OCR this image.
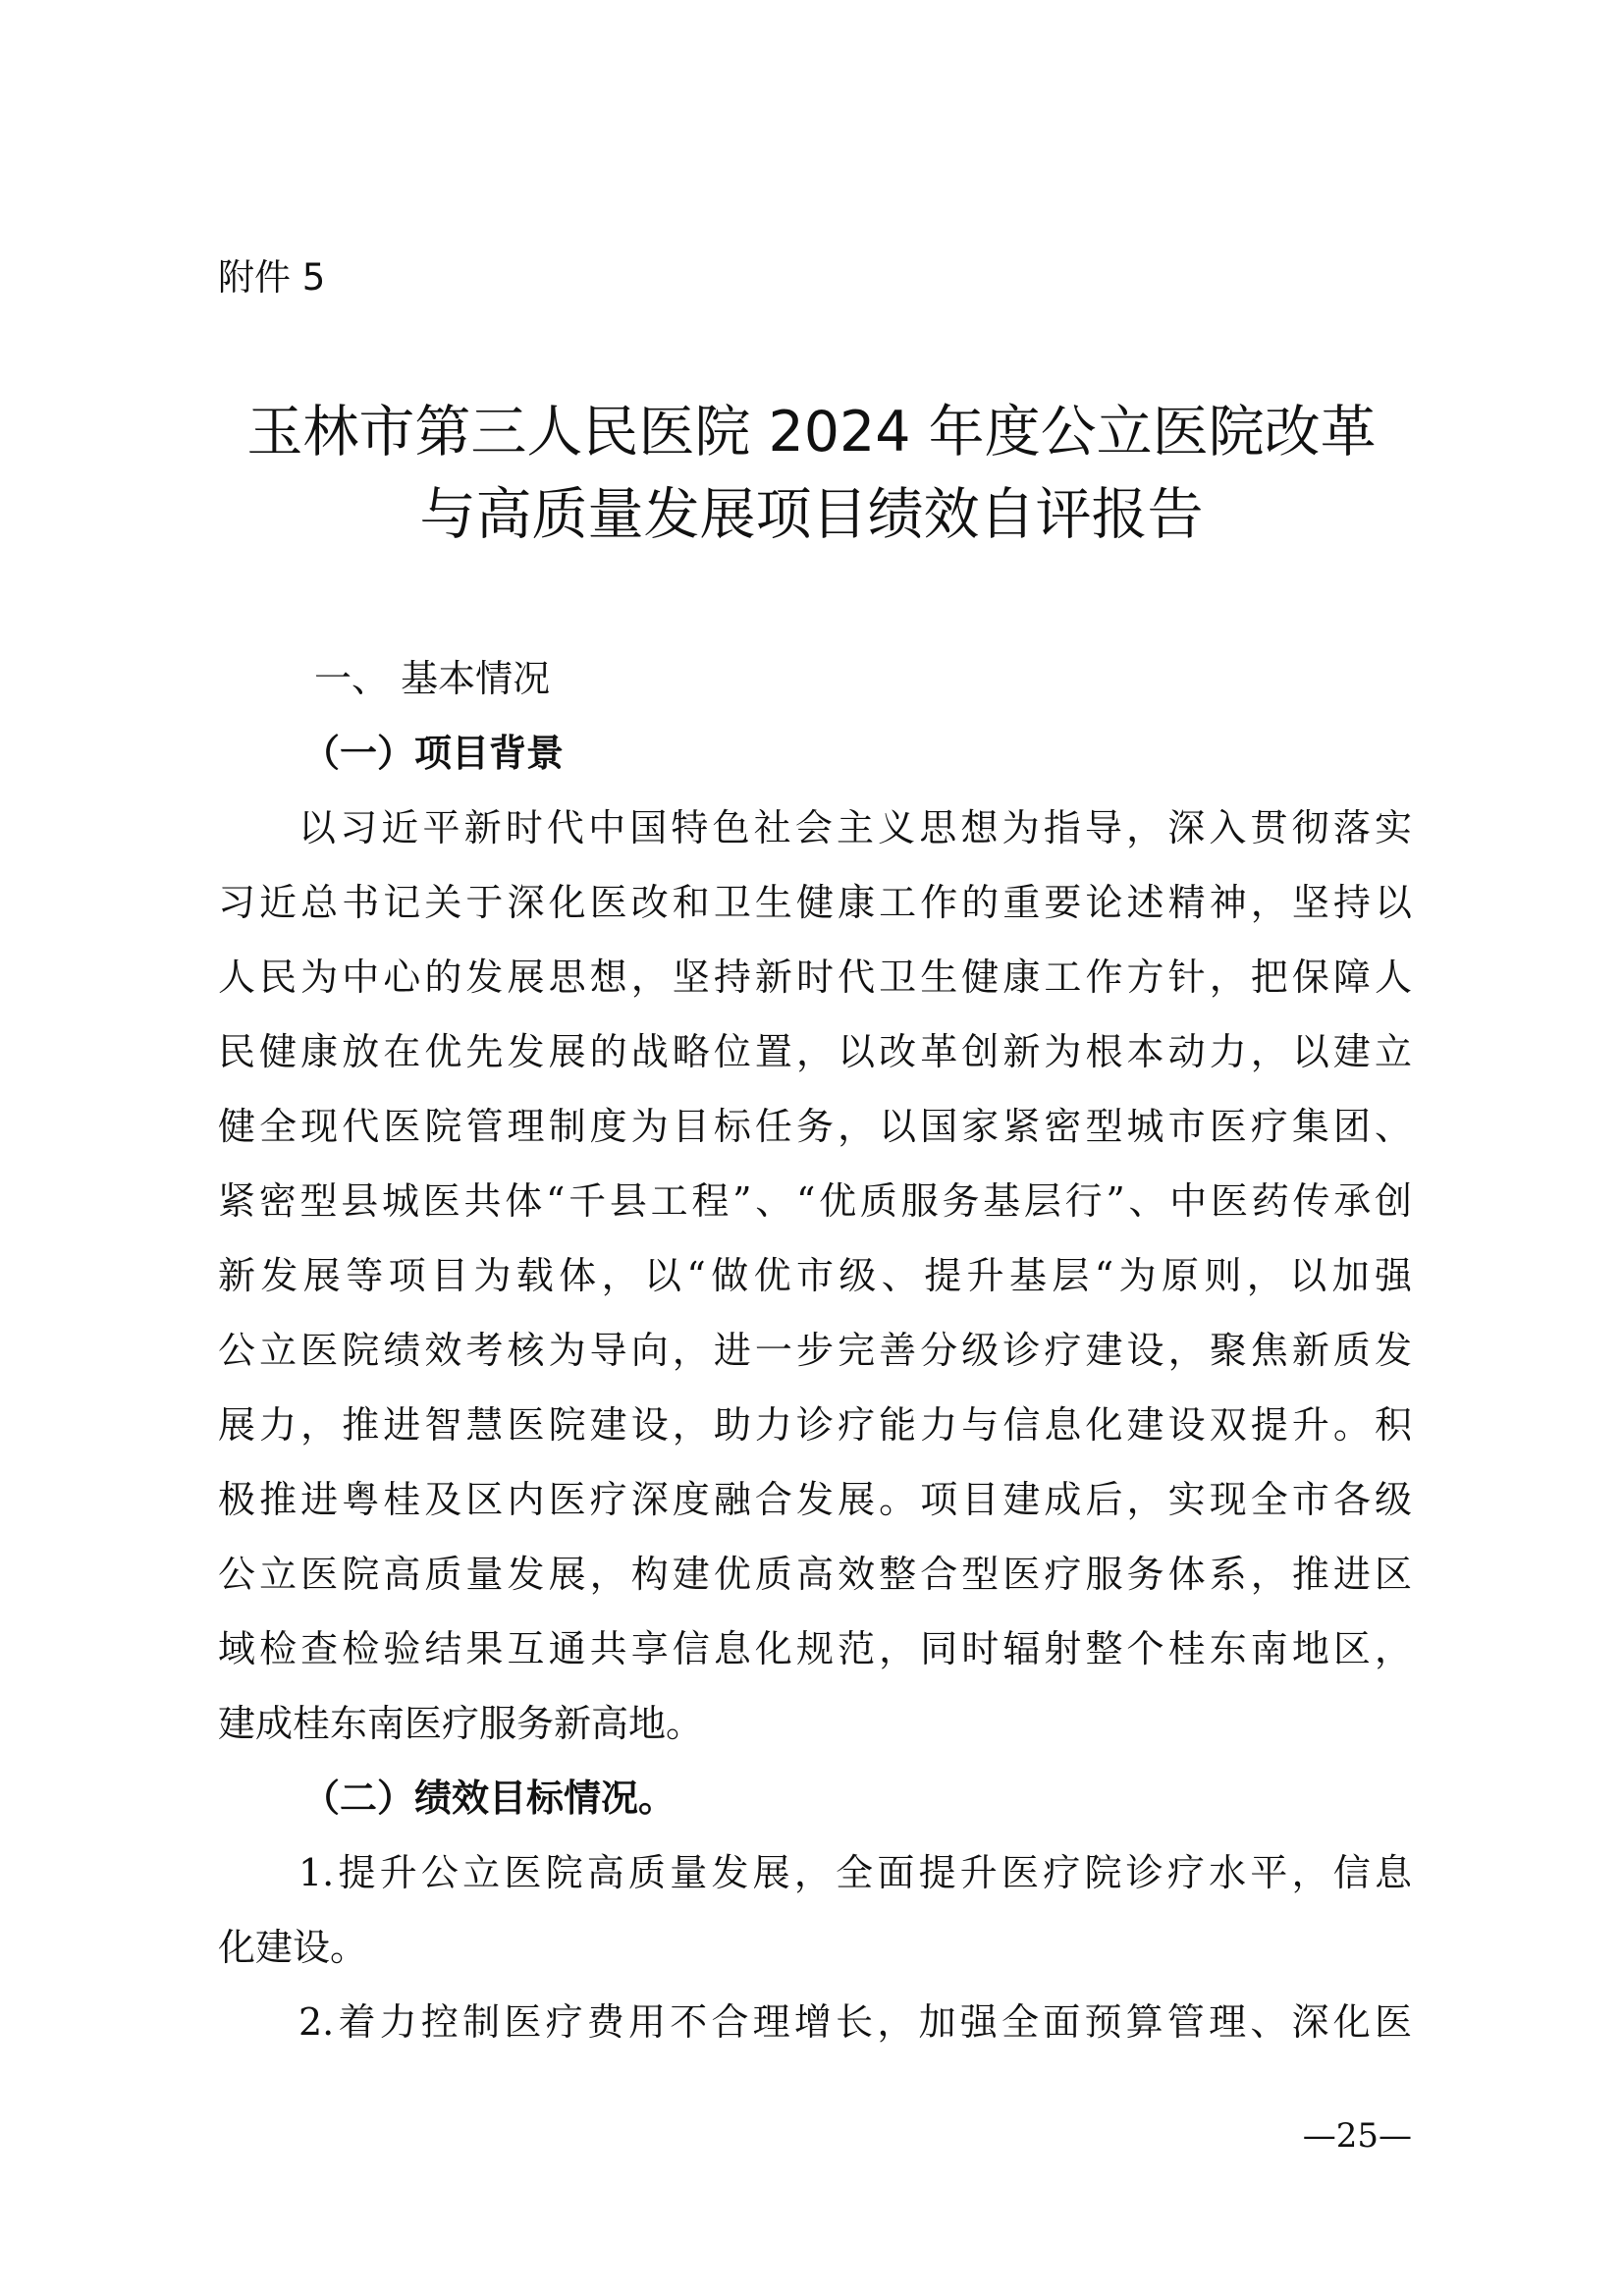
附件 5
玉林市第三人民医院 2024 年度公立医院改革
与高质量发展项目绩效自评报告
一、 基本情况
（一）项目背景
以习近平新时代中国特色社会主义思想为指导，深入贯彻落实
习近总书记关于深化医改和卫生健康工作的重要论述精神，坚持以
人民为中心的发展思想，坚持新时代卫生健康工作方针，把保障人
民健康放在优先发展的战略位置，以改革创新为根本动力，以建立
健全现代医院管理制度为目标任务，以国家紧密型城市医疗集团、
紧密型县城医共体“千县工程”、“优质服务基层行”、中医药传承创
新发展等项目为载体，以“做优市级、提升基层“为原则，以加强
公立医院绩效考核为导向，进一步完善分级诊疗建设，聚焦新质发
展力，推进智慧医院建设，助力诊疗能力与信息化建设双提升。积
极推进粤桂及区内医疗深度融合发展。项目建成后，实现全市各级
公立医院高质量发展，构建优质高效整合型医疗服务体系，推进区
域检查检验结果互通共享信息化规范，同时辐射整个桂东南地区，
建成桂东南医疗服务新高地。
（二）绩效目标情况。
1.提升公立医院高质量发展，全面提升医疗院诊疗水平，信息
化建设。
2.着力控制医疗费用不合理增长，加强全面预算管理、深化医
—25—
